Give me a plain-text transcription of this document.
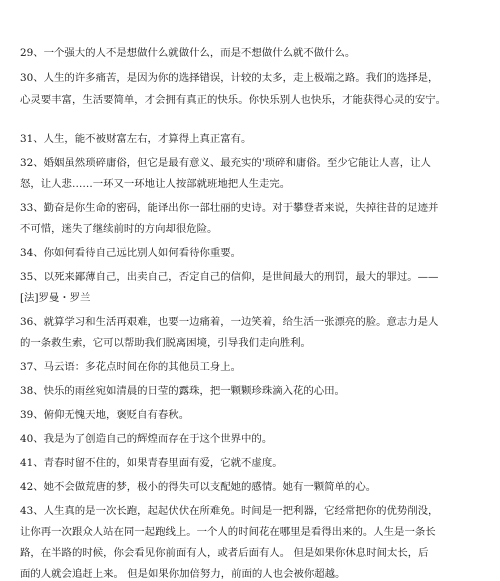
29、一个强大的人不是想做什么就做什么，而是不想做什么就不做什么。
30、人生的许多痛苦，是因为你的选择错误，计较的太多，走上极端之路。我们的选择是，
心灵要丰富，生活要简单，才会拥有真正的快乐。你快乐别人也快乐，才能获得心灵的安宁。
31、人生，能不被财富左右，才算得上真正富有。
32、婚姻虽然琐碎庸俗，但它是最有意义、最充实的'琐碎和庸俗。至少它能让人喜，让人
怒，让人悲……一环又一环地让人按部就班地把人生走完。
33、勤奋是你生命的密码，能译出你一部壮丽的史诗。对于攀登者来说，失掉往昔的足迹并
不可惜，迷失了继续前时的方向却很危险。
34、你如何看待自己远比别人如何看待你重要。
35、以死来鄙薄自己，出卖自己，否定自己的信仰，是世间最大的刑罚，最大的罪过。——
[法]罗曼・罗兰
36、就算学习和生活再艰难，也要一边痛着，一边笑着，给生活一张漂亮的脸。意志力是人
的一条救生索，它可以帮助我们脱离困境，引导我们走向胜利。
37、马云语：多花点时间在你的其他员工身上。
38、快乐的雨丝宛如清晨的日莹的露珠，把一颗颗珍珠滴入花的心田。
39、俯仰无愧天地，褒贬自有春秋。
40、我是为了创造自己的辉煌而存在于这个世界中的。
41、青春时留不住的，如果青春里面有爱，它就不虚度。
42、她不会做荒唐的梦，极小的得失可以支配她的感情。她有一颗简单的心。
43、人生真的是一次长跑，起起伏伏在所难免。时间是一把利器，它经常把你的优势削没，
让你再一次跟众人站在同一起跑线上。一个人的时间花在哪里是看得出来的。人生是一条长
路，在半路的时候，你会看见你前面有人，或者后面有人。 但是如果你休息时间太长，后
面的人就会追赶上来。 但是如果你加倍努力，前面的人也会被你超越。
